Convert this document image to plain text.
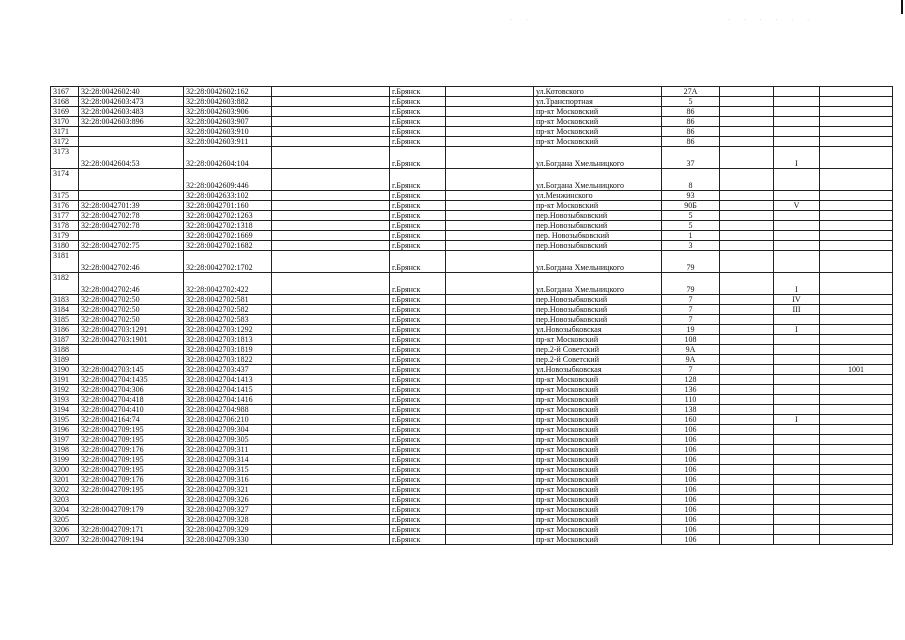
· ·	· · · · · ·
3167	32:28:0042602:40	32:28:0042602:162		г.Брянск		ул.Котовского	27А			
3168	32:28:0042603:473	32:28:0042603:882		г.Брянск		ул.Транспортная	5			
3169	32:28:0042603:483	32:28:0042603:906		г.Брянск		пр-кт Московский	86			
3170	32:28:0042603:896	32:28:0042603:907		г.Брянск		пр-кт Московский	86			
3171		32:28:0042603:910		г.Брянск		пр-кт Московский	86			
3172		32:28:0042603:911		г.Брянск		пр-кт Московский	86			
3173	32:28:0042604:53	32:28:0042604:104		г.Брянск		ул.Богдана Хмельницкого	37		I	
3174		32:28:0042609:446		г.Брянск		ул.Богдана Хмельницкого	8			
3175		32:28:0042633:102		г.Брянск		ул.Менжинского	93			
3176	32:28:0042701:39	32:28:0042701:160		г.Брянск		пр-кт Московский	90Б		V	
3177	32:28:0042702:78	32:28:0042702:1263		г.Брянск		пер.Новозыбковский	5			
3178	32:28:0042702:78	32:28:0042702:1318		г.Брянск		пер.Новозыбковский	5			
3179		32:28:0042702:1669		г.Брянск		пер. Новозыбковский	1			
3180	32:28:0042702:75	32:28:0042702:1682		г.Брянск		пер.Новозыбковский	3			
3181	32:28:0042702:46	32:28:0042702:1702		г.Брянск		ул.Богдана Хмельницкого	79			
3182	32:28:0042702:46	32:28:0042702:422		г.Брянск		ул.Богдана Хмельницкого	79		I	
3183	32:28:0042702:50	32:28:0042702:581		г.Брянск		пер.Новозыбковский	7		IV	
3184	32:28:0042702:50	32:28:0042702:582		г.Брянск		пер.Новозыбковский	7		III	
3185	32:28:0042702:50	32:28:0042702:583		г.Брянск		пер.Новозыбковский	7			
3186	32:28:0042703:1291	32:28:0042703:1292		г.Брянск		ул.Новозыбковская	19		I	
3187	32:28:0042703:1901	32:28:0042703:1813		г.Брянск		пр-кт Московский	108			
3188		32:28:0042703:1819		г.Брянск		пер.2-й Советский	9А			
3189		32:28:0042703:1822		г.Брянск		пер.2-й Советский	9А			
3190	32:28:0042703:145	32:28:0042703:437		г.Брянск		ул.Новозыбковская	7			1001
3191	32:28:0042704:1435	32:28:0042704:1413		г.Брянск		пр-кт Московский	128			
3192	32:28:0042704:306	32:28:0042704:1415		г.Брянск		пр-кт Московский	136			
3193	32:28:0042704:418	32:28:0042704:1416		г.Брянск		пр-кт Московский	110			
3194	32:28:0042704:410	32:28:0042704:988		г.Брянск		пр-кт Московский	138			
3195	32:28:0042164:74	32:28:0042706:210		г.Брянск		пр-кт Московский	160		I	
3196	32:28:0042709:195	32:28:0042709:304		г.Брянск		пр-кт Московский	106			
3197	32:28:0042709:195	32:28:0042709:305		г.Брянск		пр-кт Московский	106			
3198	32:28:0042709:176	32:28:0042709:311		г.Брянск		пр-кт Московский	106			
3199	32:28:0042709:195	32:28:0042709:314		г.Брянск		пр-кт Московский	106			
3200	32:28:0042709:195	32:28:0042709:315		г.Брянск		пр-кт Московский	106			
3201	32:28:0042709:176	32:28:0042709:316		г.Брянск		пр-кт Московский	106			
3202	32:28:0042709:195	32:28:0042709:321		г.Брянск		пр-кт Московский	106			
3203		32:28:0042709:326		г.Брянск		пр-кт Московский	106			
3204	32:28:0042709:179	32:28:0042709:327		г.Брянск		пр-кт Московский	106			
3205		32:28:0042709:328		г.Брянск		пр-кт Московский	106			
3206	32:28:0042709:171	32:28:0042709:329		г.Брянск		пр-кт Московский	106			
3207	32:28:0042709:194	32:28:0042709:330		г.Брянск		пр-кт Московский	106			
